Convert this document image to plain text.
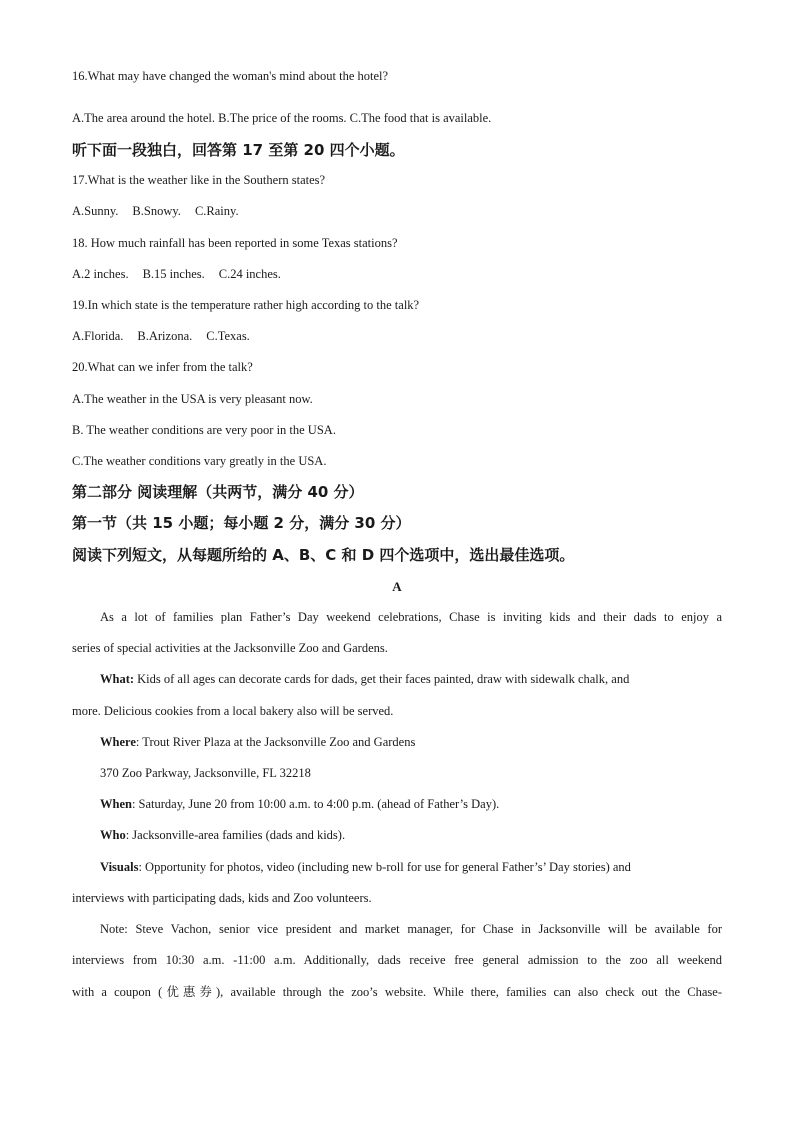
16.What may have changed the woman's mind about the hotel?
A.The area around the hotel. B.The price of the rooms. C.The food that is available.
听下面一段独白，回答第 17 至第 20 四个小题。
17.What is the weather like in the Southern states?
A.Sunny. B.Snowy. C.Rainy.
18. How much rainfall has been reported in some Texas stations?
A.2 inches. B.15 inches. C.24 inches.
19.In which state is the temperature rather high according to the talk?
A.Florida. B.Arizona. C.Texas.
20.What can we infer from the talk?
A.The weather in the USA is very pleasant now.
B. The weather conditions are very poor in the USA.
C.The weather conditions vary greatly in the USA.
第二部分 阅读理解（共两节，满分 40 分）
第一节（共 15 小题；每小题 2 分，满分 30 分）
阅读下列短文，从每题所给的 A、B、C 和 D 四个选项中，选出最佳选项。
A
As a lot of families plan Father’s Day weekend celebrations, Chase is inviting kids and their dads to enjoy a
series of special activities at the Jacksonville Zoo and Gardens.
What: Kids of all ages can decorate cards for dads, get their faces painted, draw with sidewalk chalk, and
more. Delicious cookies from a local bakery also will be served.
Where: Trout River Plaza at the Jacksonville Zoo and Gardens
370 Zoo Parkway, Jacksonville, FL 32218
When: Saturday, June 20 from 10:00 a.m. to 4:00 p.m. (ahead of Father’s Day).
Who: Jacksonville-area families (dads and kids).
Visuals: Opportunity for photos, video (including new b-roll for use for general Father’s’ Day stories) and
interviews with participating dads, kids and Zoo volunteers.
Note: Steve Vachon, senior vice president and market manager, for Chase in Jacksonville will be available for
interviews from 10:30 a.m. -11:00 a.m. Additionally, dads receive free general admission to the zoo all weekend
with a coupon (优惠券), available through the zoo’s website. While there, families can also check out the Chase-
